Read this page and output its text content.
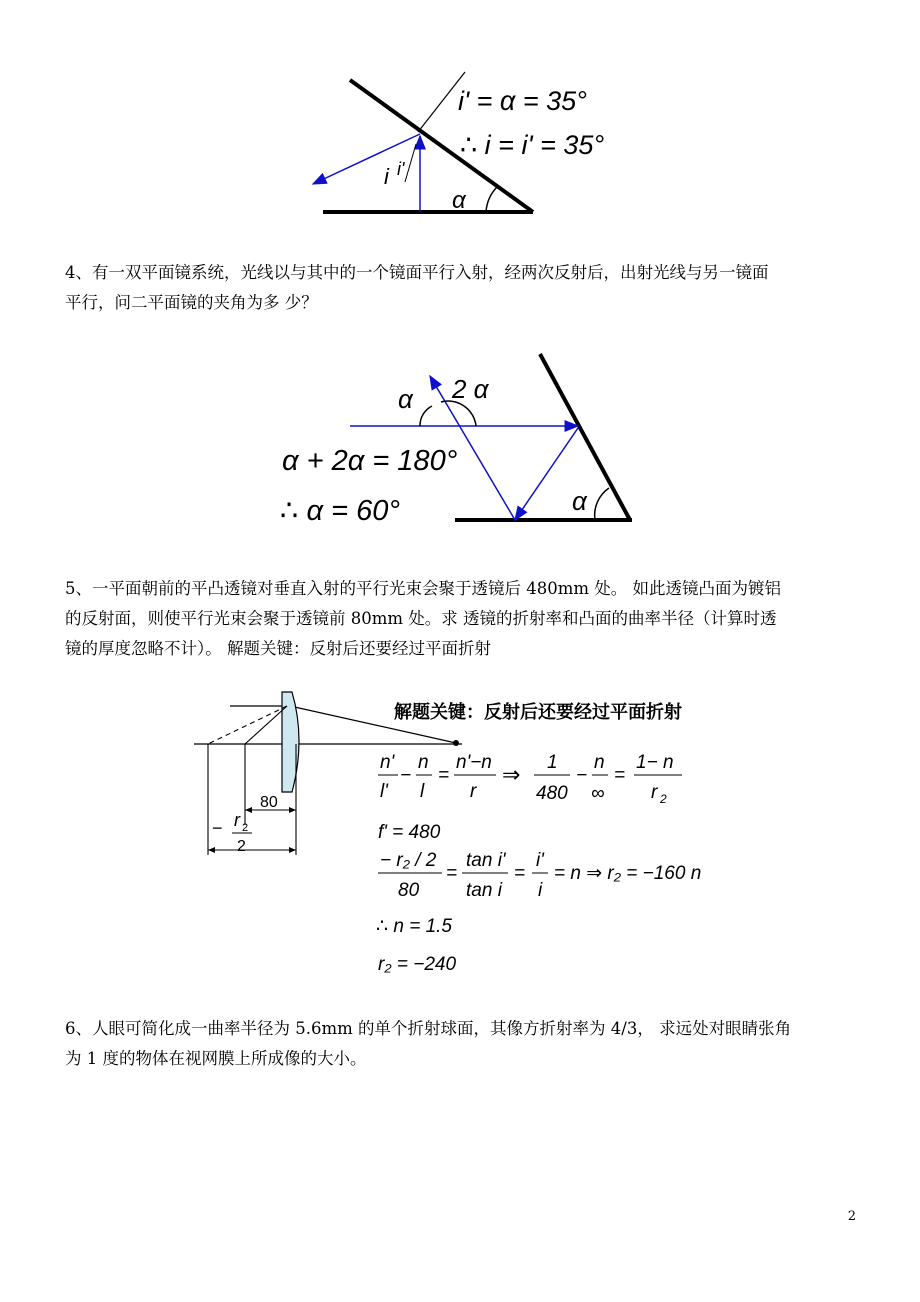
i i'
α
i' = α = 35°
∴ i = i' = 35°
4、有一双平面镜系统，光线以与其中的一个镜面平行入射，经两次反射后，出射光线与另一镜面
平行，问二平面镜的夹角为多 少？
α 2 α
α
α + 2α = 180°
∴ α = 60°
5、一平面朝前的平凸透镜对垂直入射的平行光束会聚于透镜后 480mm 处。 如此透镜凸面为镀铝
的反射面，则使平行光束会聚于透镜前 80mm 处。求 透镜的折射率和凸面的曲率半径（计算时透
镜的厚度忽略不计）。 解题关键：反射后还要经过平面折射
80
− r 2
2
解题关键：反射后还要经过平面折射
n'
l'
−
n
l
=
n'−n
r
⇒ 1
480
−
n
∞
=
1− n
r 2
f' = 480
− r₂ / 2
80
=
tan i'
tan i
=
i'
i
= n ⇒ r₂ = −160 n
∴ n = 1.5
r₂ = −240
6、人眼可简化成一曲率半径为 5.6mm 的单个折射球面，其像方折射率为 4/3， 求远处对眼睛张角
为 1 度的物体在视网膜上所成像的大小。
2
